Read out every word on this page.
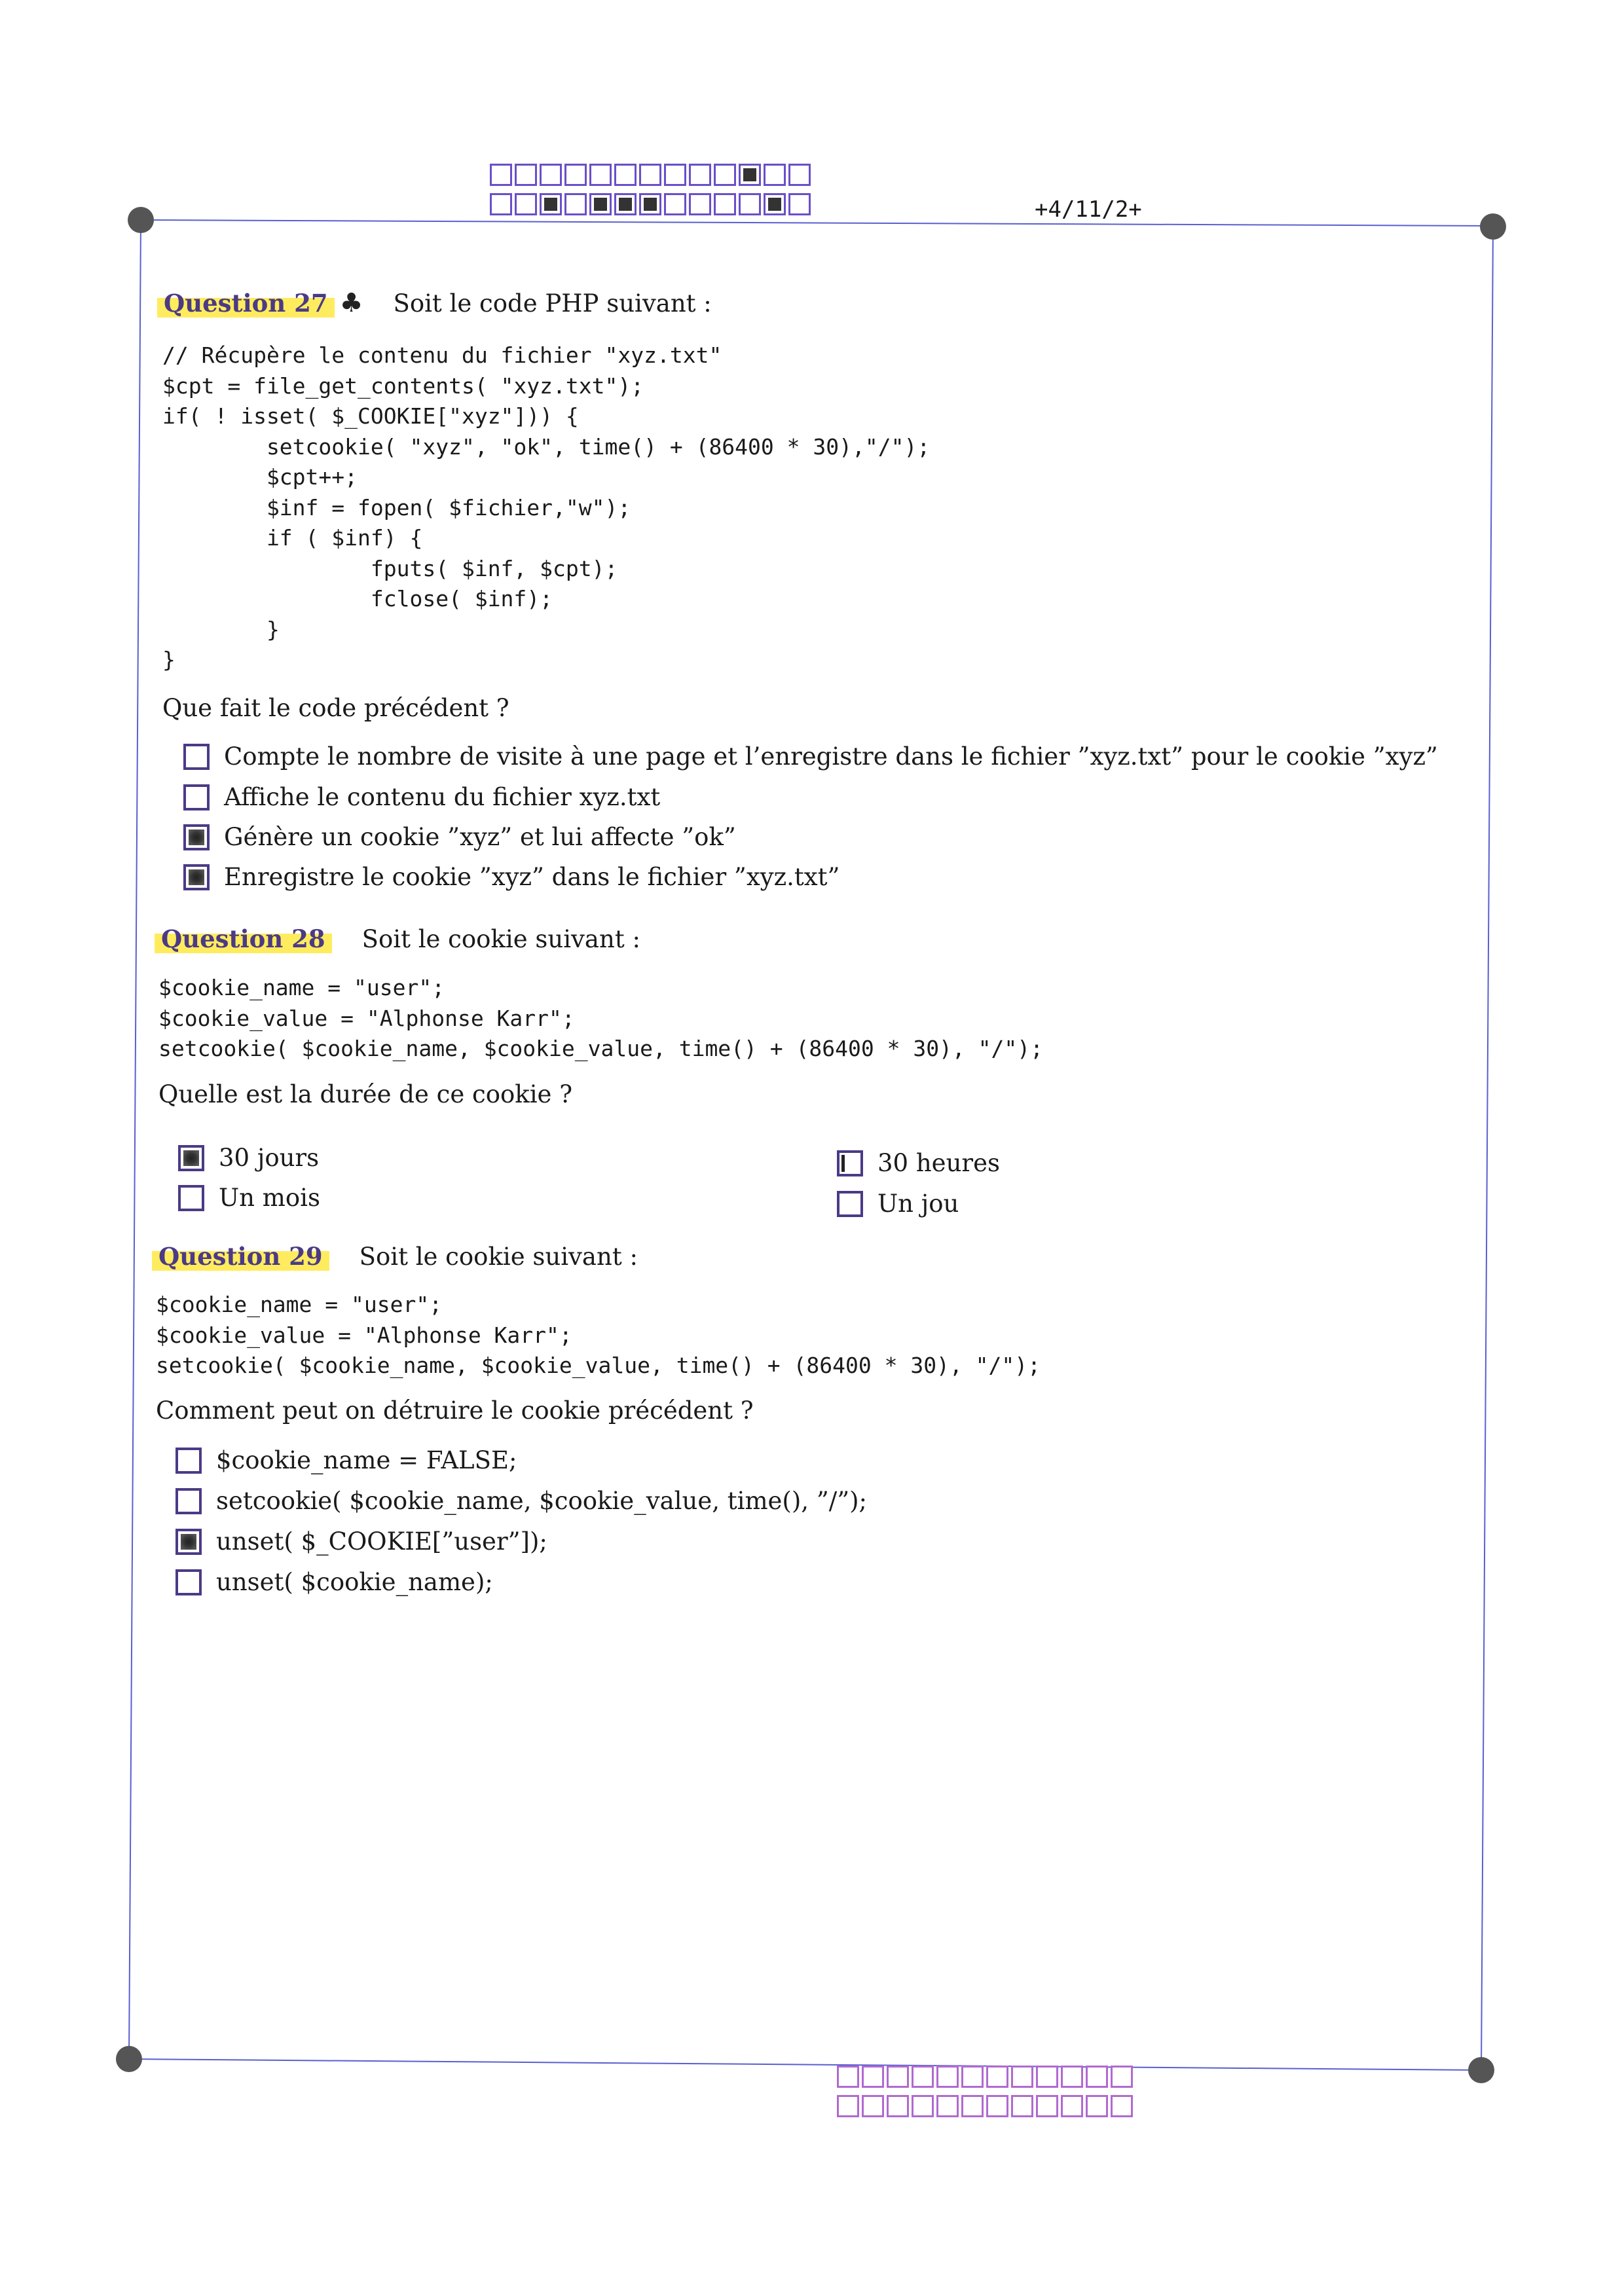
+4/11/2+
Question 27 ♣ Soit le code PHP suivant :
// Récupère le contenu du fichier "xyz.txt"
$cpt = file_get_contents( "xyz.txt");
if( ! isset( $_COOKIE["xyz"])) {
setcookie( "xyz", "ok", time() + (86400 * 30),"/");
$cpt++;
$inf = fopen( $fichier,"w");
if ( $inf) {
fputs( $inf, $cpt);
fclose( $inf);
}
}
Que fait le code précédent ?
Compte le nombre de visite à une page et l’enregistre dans le fichier ”xyz.txt” pour le cookie ”xyz”
Affiche le contenu du fichier xyz.txt
Génère un cookie ”xyz” et lui affecte ”ok”
Enregistre le cookie ”xyz” dans le fichier ”xyz.txt”
Question 28 Soit le cookie suivant :
$cookie_name = "user";
$cookie_value = "Alphonse Karr";
setcookie( $cookie_name, $cookie_value, time() + (86400 * 30), "/");
Quelle est la durée de ce cookie ?
30 jours
Un mois
30 heures
Un jou
Question 29 Soit le cookie suivant :
$cookie_name = "user";
$cookie_value = "Alphonse Karr";
setcookie( $cookie_name, $cookie_value, time() + (86400 * 30), "/");
Comment peut on détruire le cookie précédent ?
$cookie_name = FALSE;
setcookie( $cookie_name, $cookie_value, time(), ”/”);
unset( $_COOKIE[”user”]);
unset( $cookie_name);
